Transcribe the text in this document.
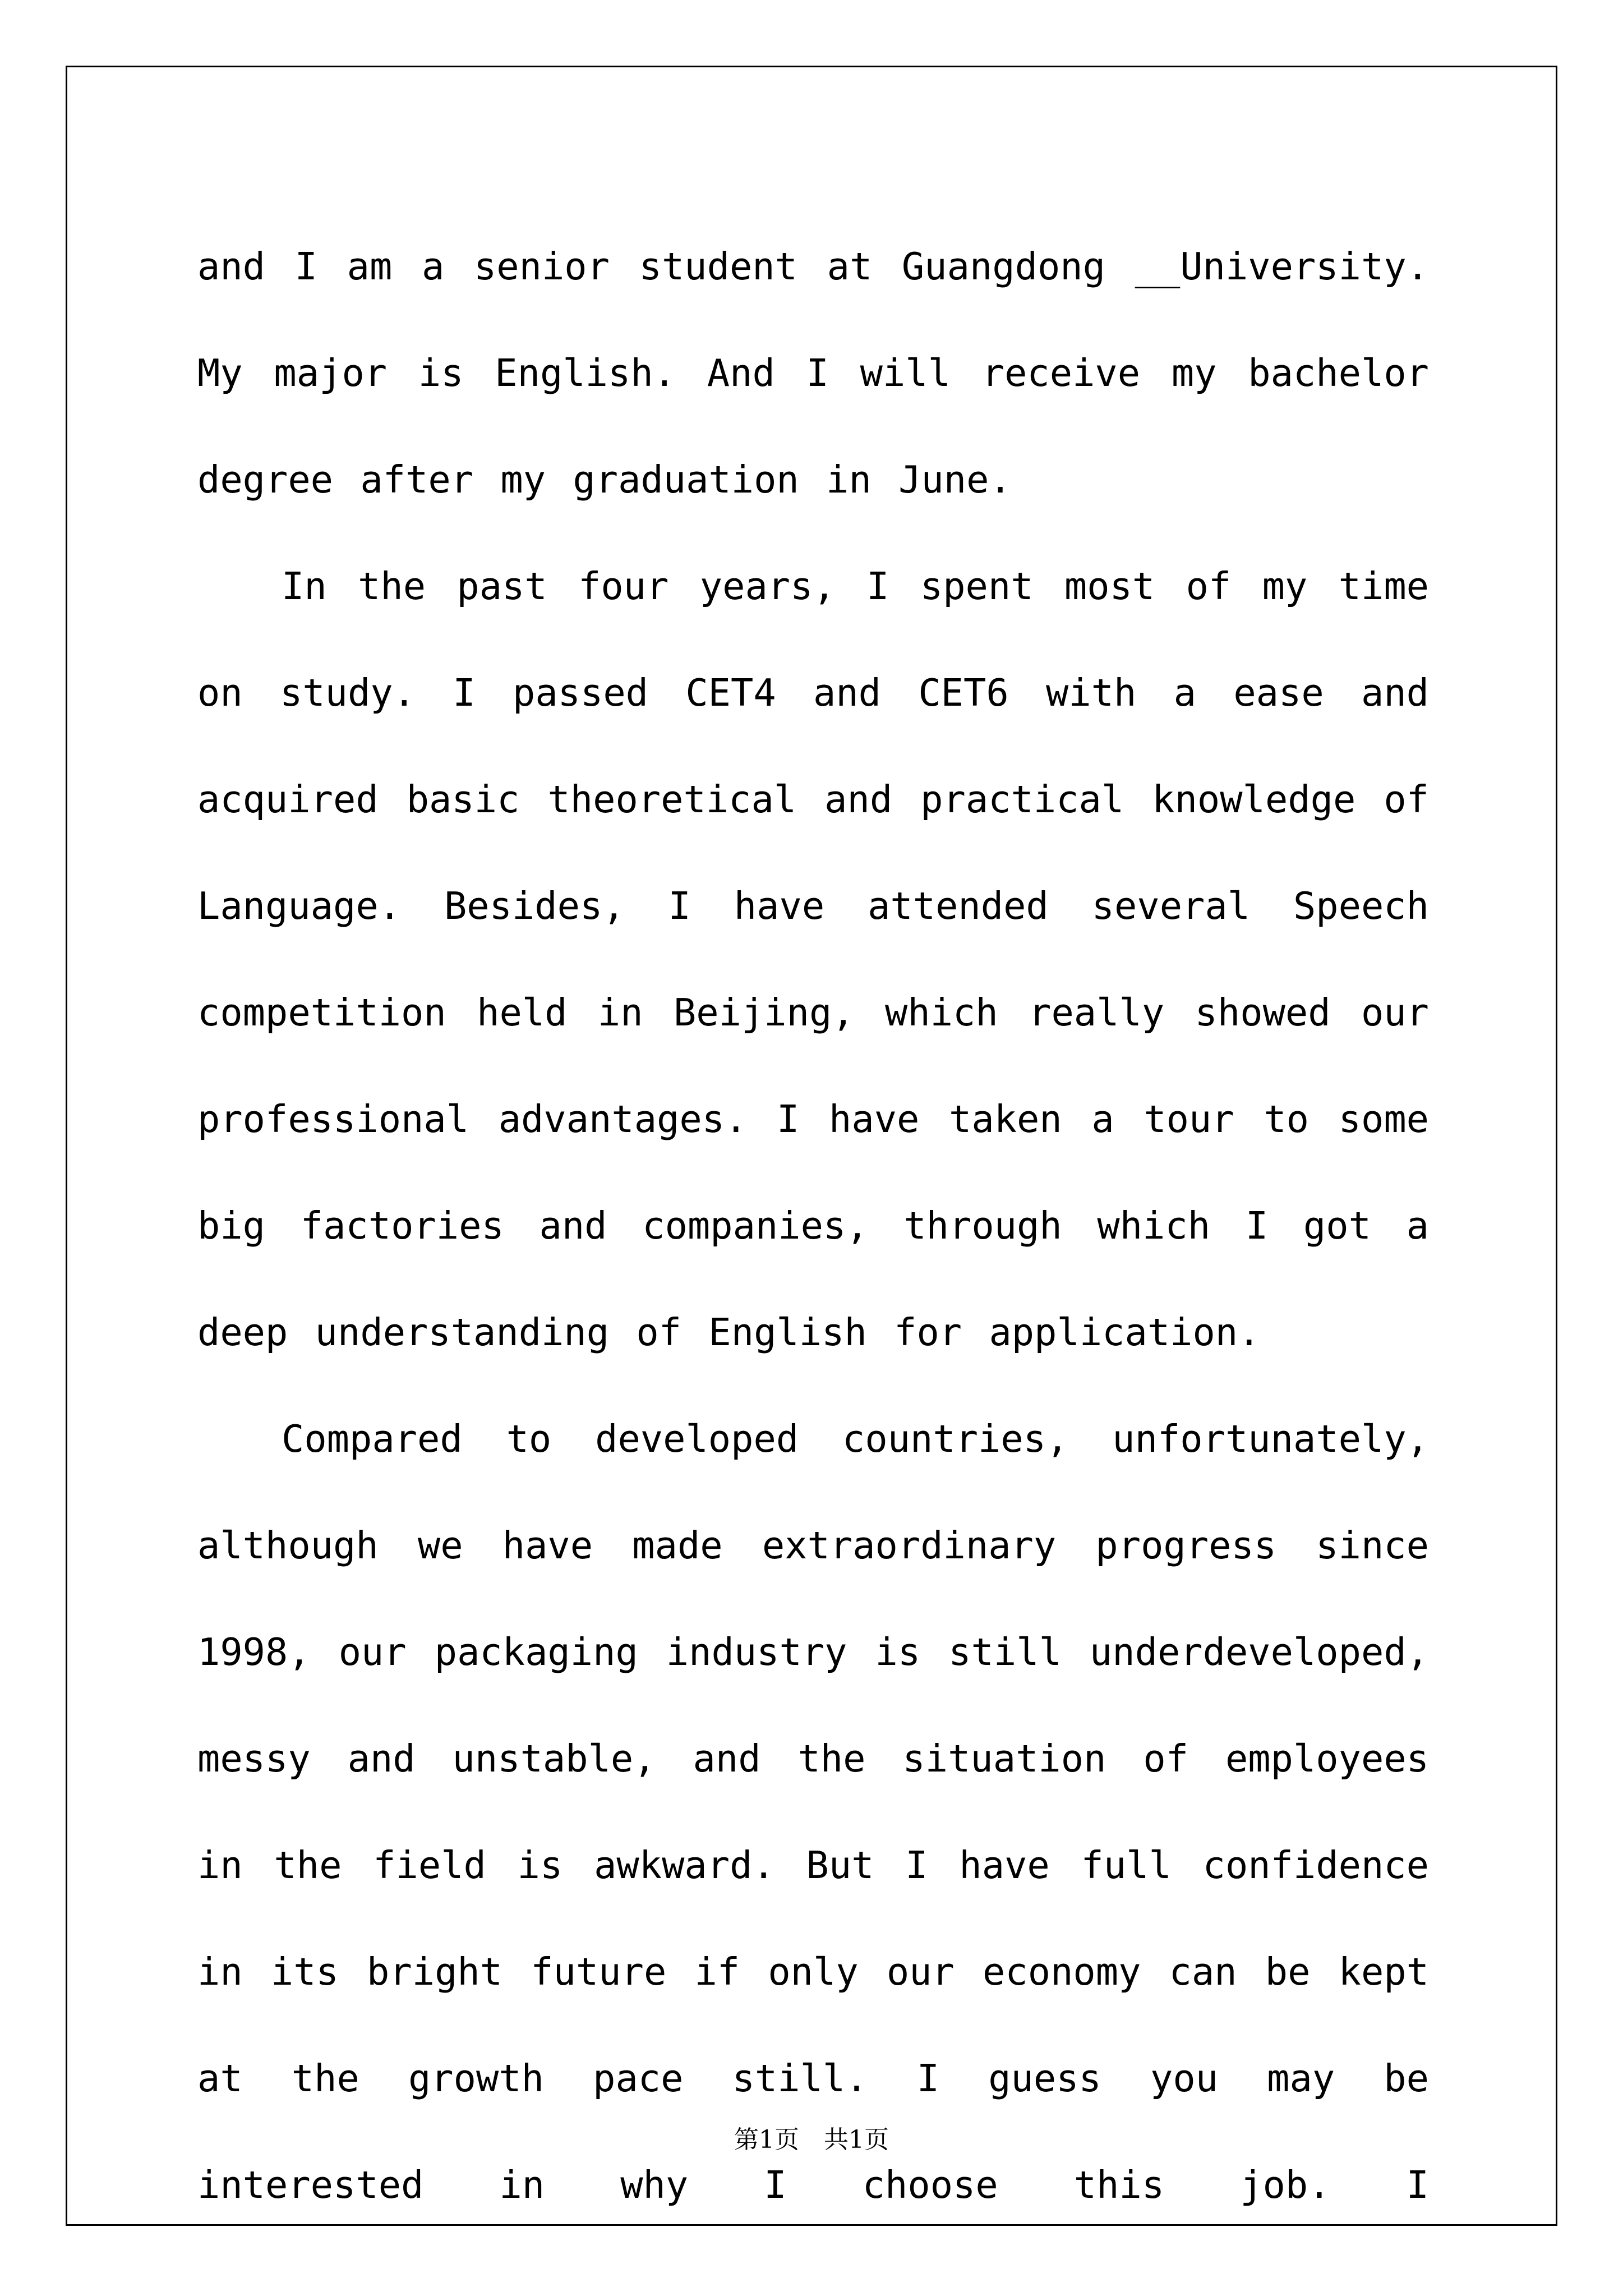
and I am a senior student at Guangdong __University. My major is English. And I will receive my bachelor degree after my graduation in June.

In the past four years, I spent most of my time on study. I passed CET4 and CET6 with a ease and acquired basic theoretical and practical knowledge of Language. Besides, I have attended several Speech competition held in Beijing, which really showed our professional advantages. I have taken a tour to some big factories and companies, through which I got a deep understanding of English for application.

Compared to developed countries, unfortunately, although we have made extraordinary progress since 1998, our packaging industry is still underdeveloped, messy and unstable, and the situation of employees in the field is awkward. But I have full confidence in its bright future if only our economy can be kept at the growth pace still. I guess you may be interested in why I choose this job. I

第1页　共1页
